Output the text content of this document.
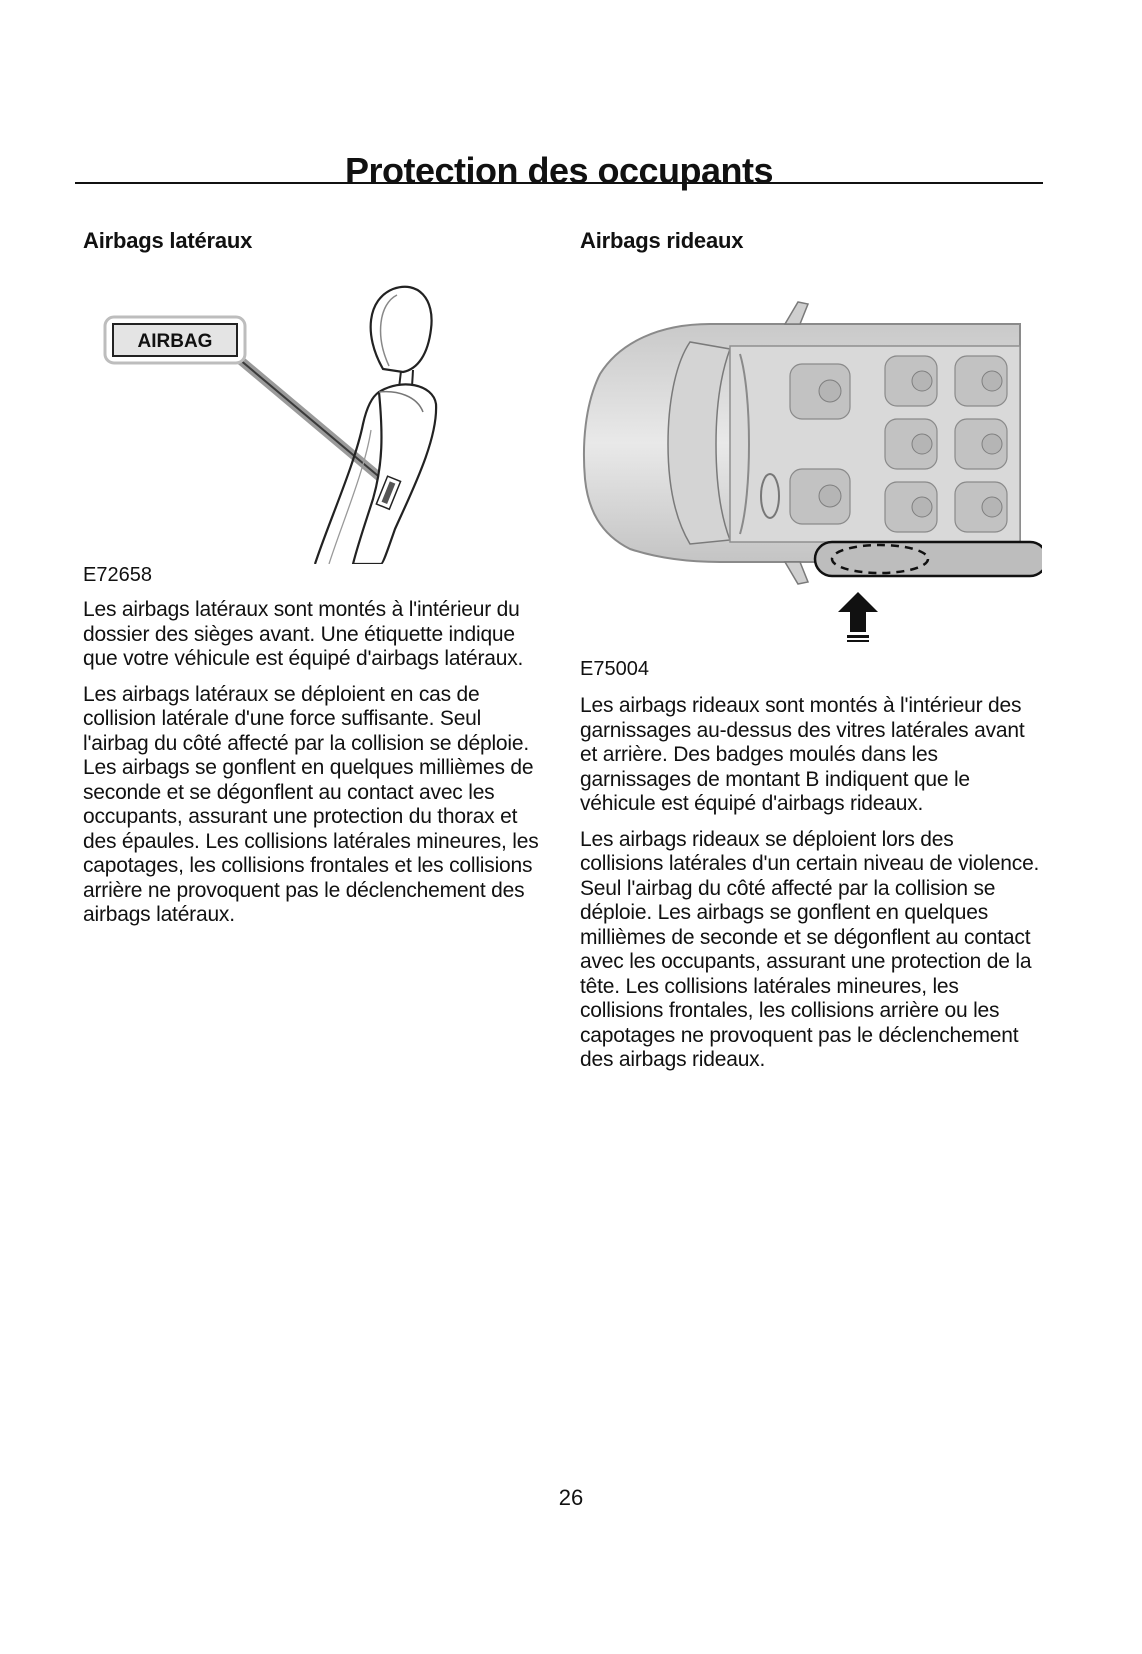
Protection des occupants
Airbags latéraux
AIRBAG

E72658

Les airbags latéraux sont montés à l'intérieur du dossier des sièges avant. Une étiquette indique que votre véhicule est équipé d'airbags latéraux.

Les airbags latéraux se déploient en cas de collision latérale d'une force suffisante. Seul l'airbag du côté affecté par la collision se déploie. Les airbags se gonflent en quelques millièmes de seconde et se dégonflent au contact avec les occupants, assurant une protection du thorax et des épaules. Les collisions latérales mineures, les capotages, les collisions frontales et les collisions arrière ne provoquent pas le déclenchement des airbags latéraux.

Airbags rideaux

E75004

Les airbags rideaux sont montés à l'intérieur des garnissages au-dessus des vitres latérales avant et arrière. Des badges moulés dans les garnissages de montant B indiquent que le véhicule est équipé d'airbags rideaux.

Les airbags rideaux se déploient lors des collisions latérales d'un certain niveau de violence. Seul l'airbag du côté affecté par la collision se déploie. Les airbags se gonflent en quelques millièmes de seconde et se dégonflent au contact avec les occupants, assurant une protection de la tête. Les collisions latérales mineures, les collisions frontales, les collisions arrière ou les capotages ne provoquent pas le déclenchement des airbags rideaux.

26
